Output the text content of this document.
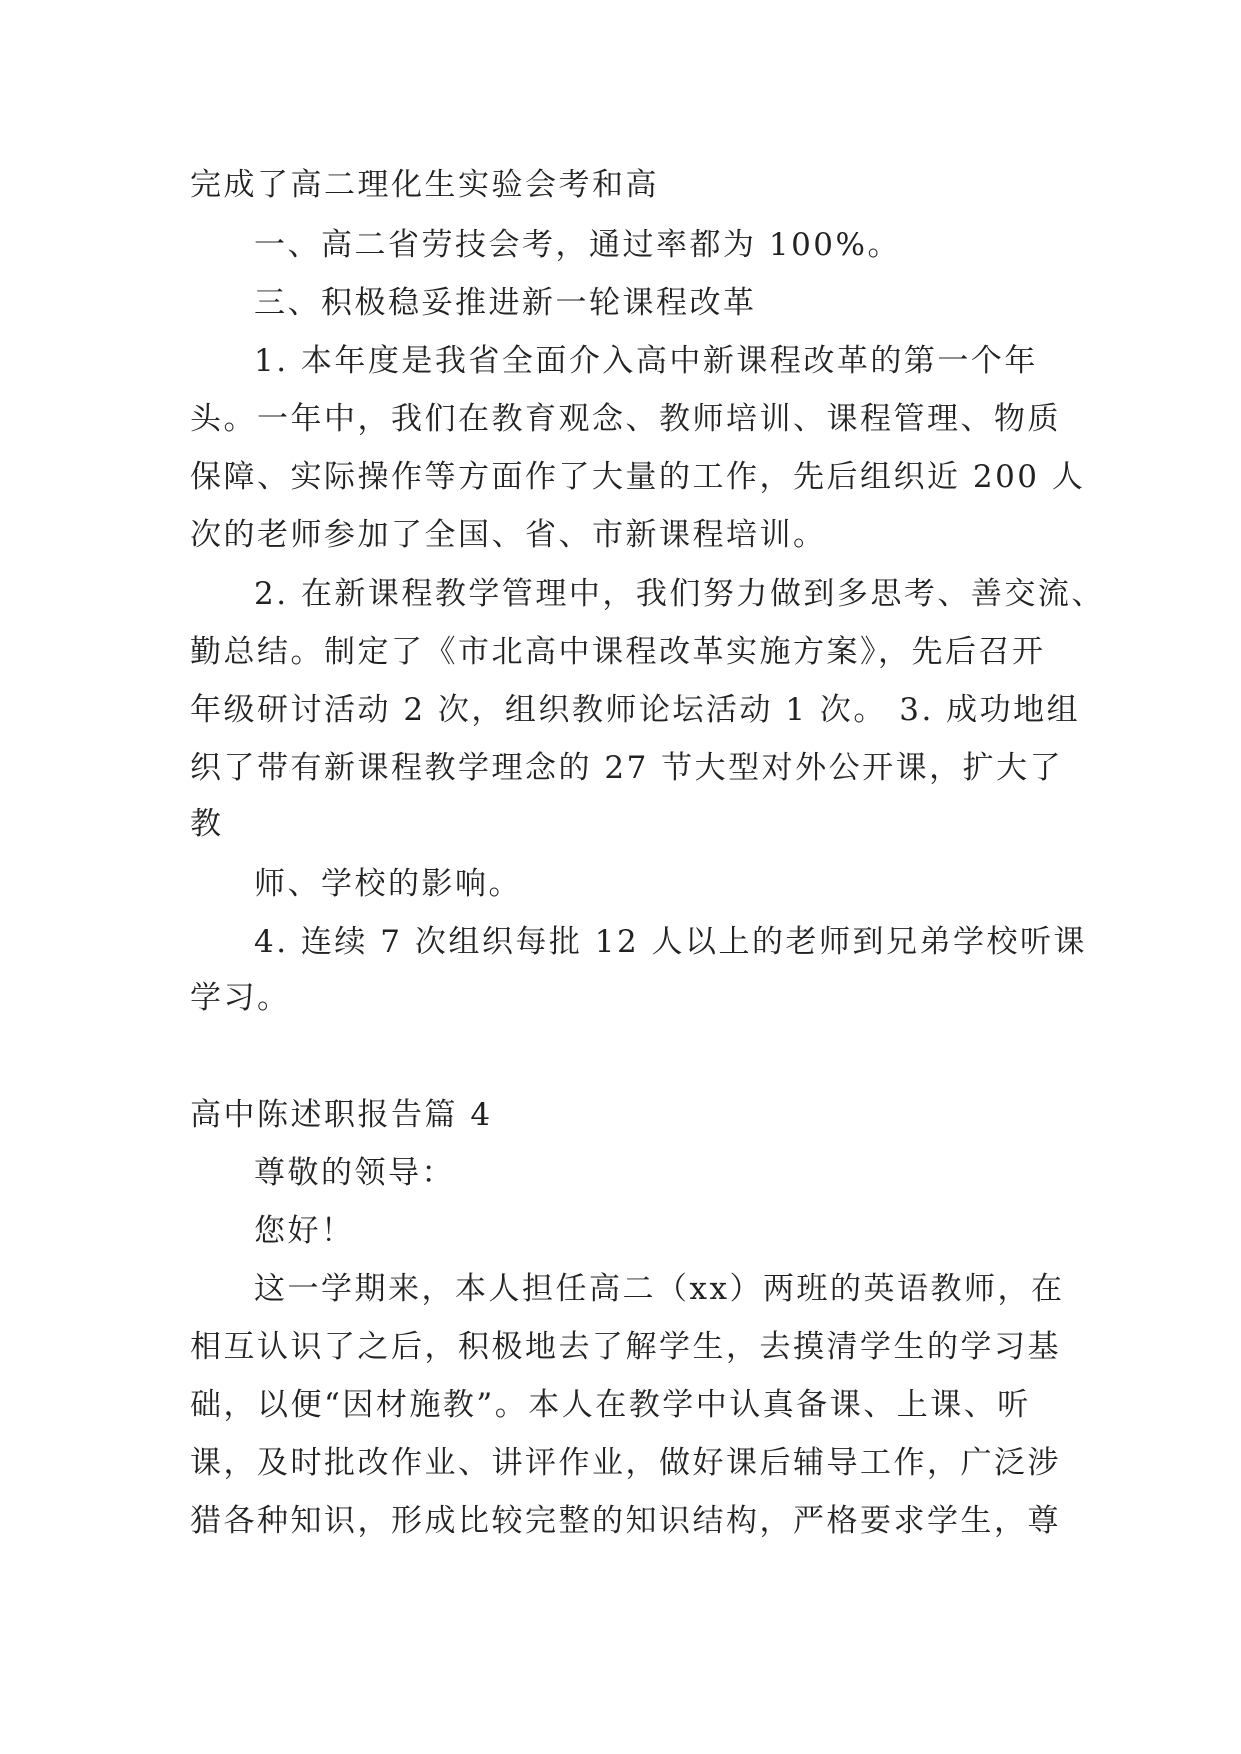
完成了高二理化生实验会考和高

一、高二省劳技会考，通过率都为 100%。

三、积极稳妥推进新一轮课程改革

1. 本年度是我省全面介入高中新课程改革的第一个年

头。一年中，我们在教育观念、教师培训、课程管理、物质

保障、实际操作等方面作了大量的工作，先后组织近 200 人

次的老师参加了全国、省、市新课程培训。

2. 在新课程教学管理中，我们努力做到多思考、善交流、

勤总结。制定了《市北高中课程改革实施方案》，先后召开

年级研讨活动 2 次，组织教师论坛活动 1 次。 3. 成功地组

织了带有新课程教学理念的 27 节大型对外公开课，扩大了

教

师、学校的影响。

4. 连续 7 次组织每批 12 人以上的老师到兄弟学校听课

学习。

高中陈述职报告篇 4

尊敬的领导：

您好！

这一学期来，本人担任高二（xx）两班的英语教师，在

相互认识了之后，积极地去了解学生，去摸清学生的学习基

础，以便“因材施教”。本人在教学中认真备课、上课、听

课，及时批改作业、讲评作业，做好课后辅导工作，广泛涉

猎各种知识，形成比较完整的知识结构，严格要求学生，尊
